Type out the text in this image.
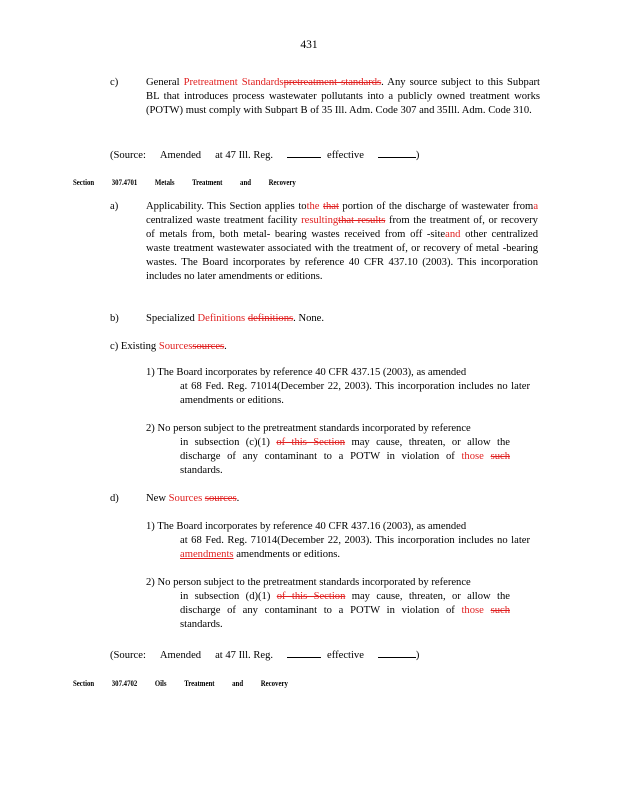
431
c)	General Pretreatment Standardspretreatment standards. Any source subject to this Subpart BL that introduces process wastewater pollutants into a publicly owned treatment works (POTW) must comply with Subpart B of 35 Ill. Adm. Code 307 and 35Ill. Adm. Code 310.
(Source: Amended at 47 Ill. Reg.	effective	)
Section 307.4701 Metals Treatment and Recovery
a)	Applicability. This Section applies tothe that portion of the discharge of wastewater froma centralized waste treatment facility resultingthat results from the treatment of, or recovery of metals from, both metal- bearing wastes received from off -siteand other centralized waste treatment wastewater associated with the treatment of, or recovery of metal -bearing wastes. The Board incorporates by reference 40 CFR 437.10 (2003). This incorporation includes no later amendments or editions.
b)	Specialized Definitions definitions. None.
c) Existing Sourcessources.
1) The Board incorporates by reference 40 CFR 437.15 (2003), as amended
at 68 Fed. Reg. 71014(December 22, 2003). This incorporation includes no later amendments or editions.
2) No person subject to the pretreatment standards incorporated by reference
in subsection (c)(1) of this Section may cause, threaten, or allow the discharge of any contaminant to a POTW in violation of those such standards.
d)	New Sources sources.
1) The Board incorporates by reference 40 CFR 437.16 (2003), as amended
at 68 Fed. Reg. 71014(December 22, 2003). This incorporation includes no later amendments amendments or editions.
2) No person subject to the pretreatment standards incorporated by reference
in subsection (d)(1) of this Section may cause, threaten, or allow the discharge of any contaminant to a POTW in violation of those such standards.
(Source: Amended at 47 Ill. Reg.	effective	)
Section 307.4702 Oils Treatment and Recovery
